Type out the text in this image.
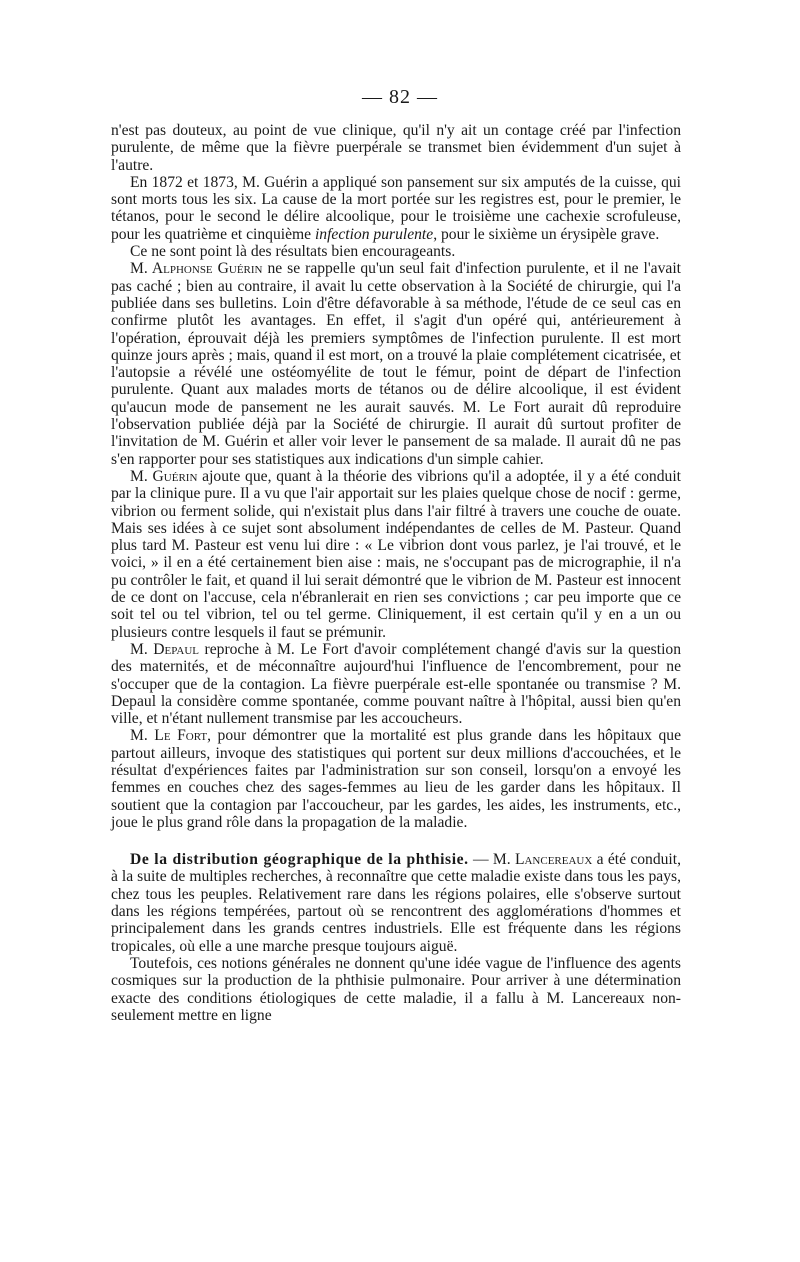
— 82 —

n'est pas douteux, au point de vue clinique, qu'il n'y ait un contage créé par l'infection purulente, de même que la fièvre puerpérale se transmet bien évidemment d'un sujet à l'autre.

En 1872 et 1873, M. Guérin a appliqué son pansement sur six amputés de la cuisse, qui sont morts tous les six. La cause de la mort portée sur les registres est, pour le premier, le tétanos, pour le second le délire alcoolique, pour le troisième une cachexie scrofuleuse, pour les quatrième et cinquième infection purulente, pour le sixième un érysipèle grave.

Ce ne sont point là des résultats bien encourageants.

M. Alphonse Guérin ne se rappelle qu'un seul fait d'infection purulente, et il ne l'avait pas caché ; bien au contraire, il avait lu cette observation à la Société de chirurgie, qui l'a publiée dans ses bulletins. Loin d'être défavorable à sa méthode, l'étude de ce seul cas en confirme plutôt les avantages. En effet, il s'agit d'un opéré qui, antérieurement à l'opération, éprouvait déjà les premiers symptômes de l'infection purulente. Il est mort quinze jours après ; mais, quand il est mort, on a trouvé la plaie complétement cicatrisée, et l'autopsie a révélé une ostéomyélite de tout le fémur, point de départ de l'infection purulente. Quant aux malades morts de tétanos ou de délire alcoolique, il est évident qu'aucun mode de pansement ne les aurait sauvés. M. Le Fort aurait dû reproduire l'observation publiée déjà par la Société de chirurgie. Il aurait dû surtout profiter de l'invitation de M. Guérin et aller voir lever le pansement de sa malade. Il aurait dû ne pas s'en rapporter pour ses statistiques aux indications d'un simple cahier.

M. Guérin ajoute que, quant à la théorie des vibrions qu'il a adoptée, il y a été conduit par la clinique pure. Il a vu que l'air apportait sur les plaies quelque chose de nocif : germe, vibrion ou ferment solide, qui n'existait plus dans l'air filtré à travers une couche de ouate. Mais ses idées à ce sujet sont absolument indépendantes de celles de M. Pasteur. Quand plus tard M. Pasteur est venu lui dire : « Le vibrion dont vous parlez, je l'ai trouvé, et le voici, » il en a été certainement bien aise : mais, ne s'occupant pas de micrographie, il n'a pu contrôler le fait, et quand il lui serait démontré que le vibrion de M. Pasteur est innocent de ce dont on l'accuse, cela n'ébranlerait en rien ses convictions ; car peu importe que ce soit tel ou tel vibrion, tel ou tel germe. Cliniquement, il est certain qu'il y en a un ou plusieurs contre lesquels il faut se prémunir.

M. Depaul reproche à M. Le Fort d'avoir complétement changé d'avis sur la question des maternités, et de méconnaître aujourd'hui l'influence de l'encombrement, pour ne s'occuper que de la contagion. La fièvre puerpérale est-elle spontanée ou transmise ? M. Depaul la considère comme spontanée, comme pouvant naître à l'hôpital, aussi bien qu'en ville, et n'étant nullement transmise par les accoucheurs.

M. Le Fort, pour démontrer que la mortalité est plus grande dans les hôpitaux que partout ailleurs, invoque des statistiques qui portent sur deux millions d'accouchées, et le résultat d'expériences faites par l'administration sur son conseil, lorsqu'on a envoyé les femmes en couches chez des sages-femmes au lieu de les garder dans les hôpitaux. Il soutient que la contagion par l'accoucheur, par les gardes, les aides, les instruments, etc., joue le plus grand rôle dans la propagation de la maladie.

De la distribution géographique de la phthisie. — M. Lancereaux a été conduit, à la suite de multiples recherches, à reconnaître que cette maladie existe dans tous les pays, chez tous les peuples. Relativement rare dans les régions polaires, elle s'observe surtout dans les régions tempérées, partout où se rencontrent des agglomérations d'hommes et principalement dans les grands centres industriels. Elle est fréquente dans les régions tropicales, où elle a une marche presque toujours aiguë.

Toutefois, ces notions générales ne donnent qu'une idée vague de l'influence des agents cosmiques sur la production de la phthisie pulmonaire. Pour arriver à une détermination exacte des conditions étiologiques de cette maladie, il a fallu à M. Lancereaux non-seulement mettre en ligne
